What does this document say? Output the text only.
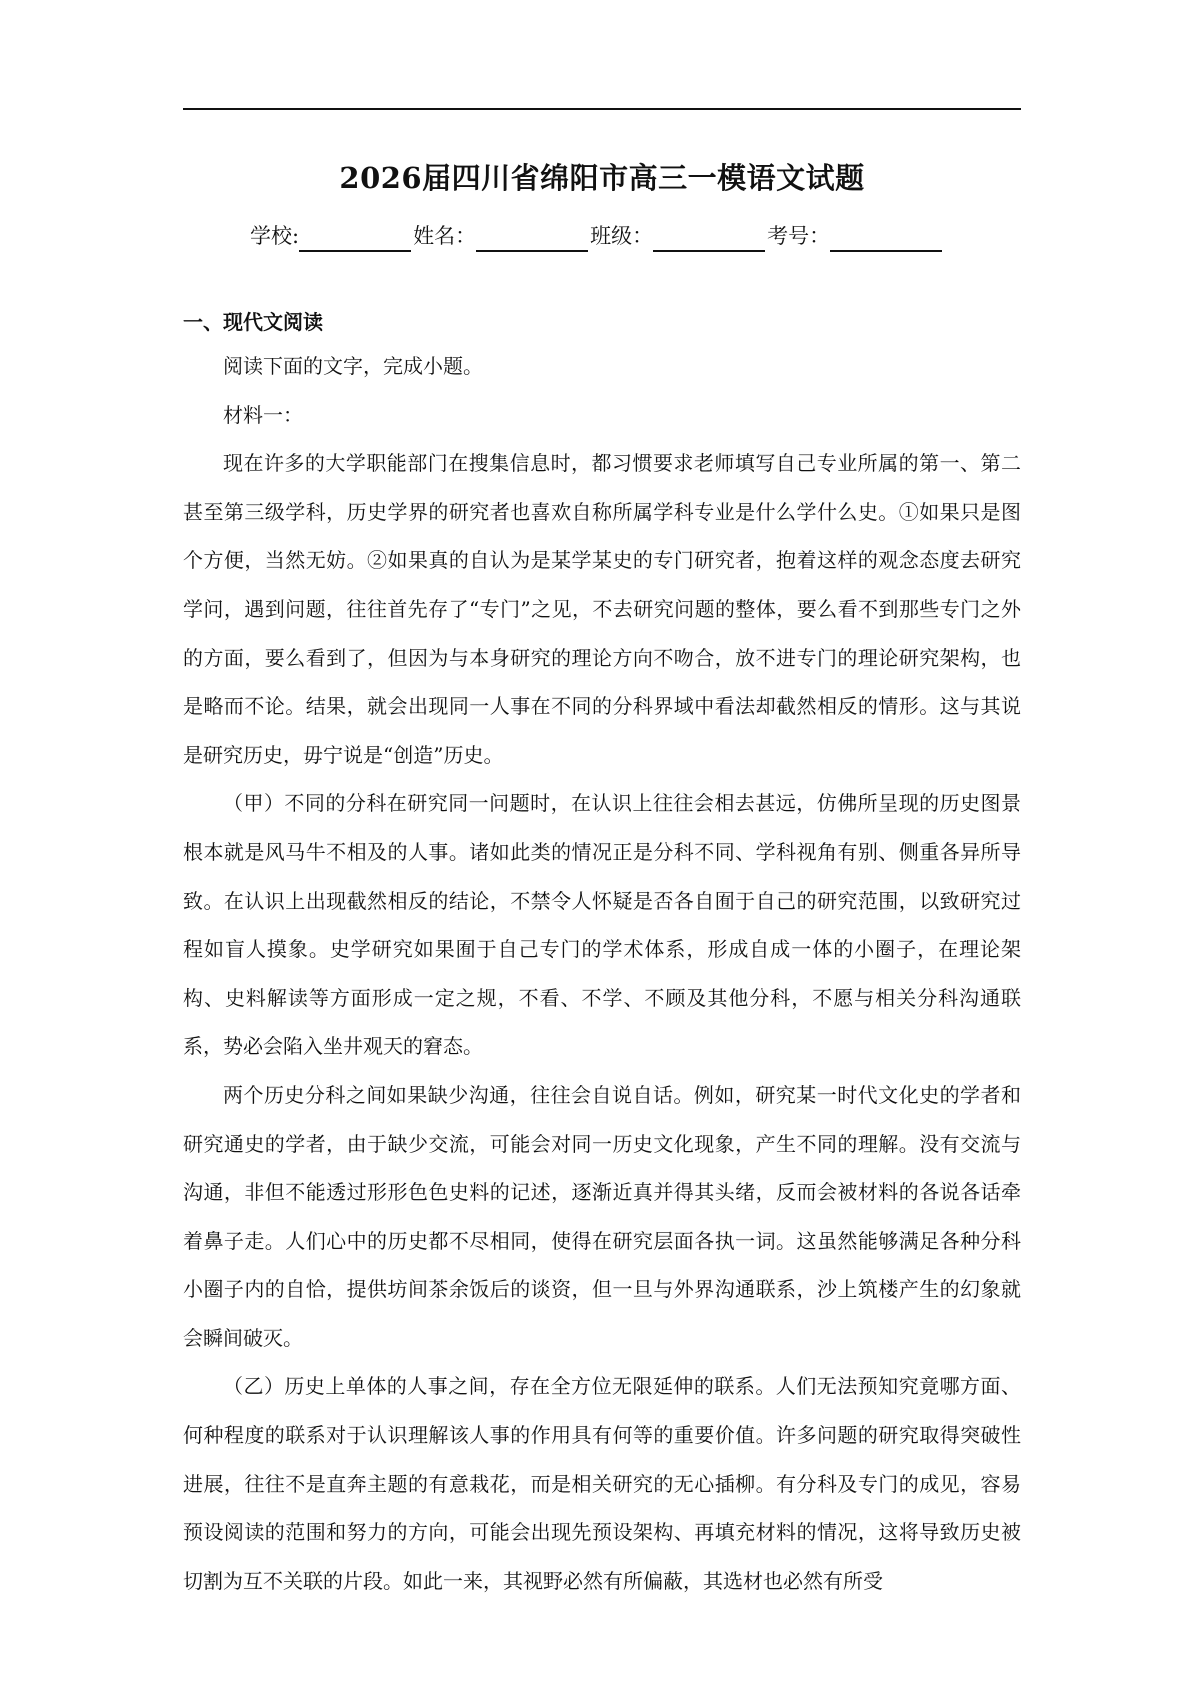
2026届四川省绵阳市高三一模语文试题
学校:	姓名：	班级：	考号：
一、现代文阅读

阅读下面的文字，完成小题。

材料一：

现在许多的大学职能部门在搜集信息时，都习惯要求老师填写自己专业所属的第一、第二甚至第三级学科，历史学界的研究者也喜欢自称所属学科专业是什么学什么史。①如果只是图个方便，当然无妨。②如果真的自认为是某学某史的专门研究者，抱着这样的观念态度去研究学问，遇到问题，往往首先存了“专门”之见，不去研究问题的整体，要么看不到那些专门之外的方面，要么看到了，但因为与本身研究的理论方向不吻合，放不进专门的理论研究架构，也是略而不论。结果，就会出现同一人事在不同的分科界域中看法却截然相反的情形。这与其说是研究历史，毋宁说是“创造”历史。

（甲）不同的分科在研究同一问题时，在认识上往往会相去甚远，仿佛所呈现的历史图景根本就是风马牛不相及的人事。诸如此类的情况正是分科不同、学科视角有别、侧重各异所导致。在认识上出现截然相反的结论，不禁令人怀疑是否各自囿于自己的研究范围，以致研究过程如盲人摸象。史学研究如果囿于自己专门的学术体系，形成自成一体的小圈子，在理论架构、史料解读等方面形成一定之规，不看、不学、不顾及其他分科，不愿与相关分科沟通联系，势必会陷入坐井观天的窘态。

两个历史分科之间如果缺少沟通，往往会自说自话。例如，研究某一时代文化史的学者和研究通史的学者，由于缺少交流，可能会对同一历史文化现象，产生不同的理解。没有交流与沟通，非但不能透过形形色色史料的记述，逐渐近真并得其头绪，反而会被材料的各说各话牵着鼻子走。人们心中的历史都不尽相同，使得在研究层面各执一词。这虽然能够满足各种分科小圈子内的自恰，提供坊间茶余饭后的谈资，但一旦与外界沟通联系，沙上筑楼产生的幻象就会瞬间破灭。

（乙）历史上单体的人事之间，存在全方位无限延伸的联系。人们无法预知究竟哪方面、何种程度的联系对于认识理解该人事的作用具有何等的重要价值。许多问题的研究取得突破性进展，往往不是直奔主题的有意栽花，而是相关研究的无心插柳。有分科及专门的成见，容易预设阅读的范围和努力的方向，可能会出现先预设架构、再填充材料的情况，这将导致历史被切割为互不关联的片段。如此一来，其视野必然有所偏蔽，其选材也必然有所受
